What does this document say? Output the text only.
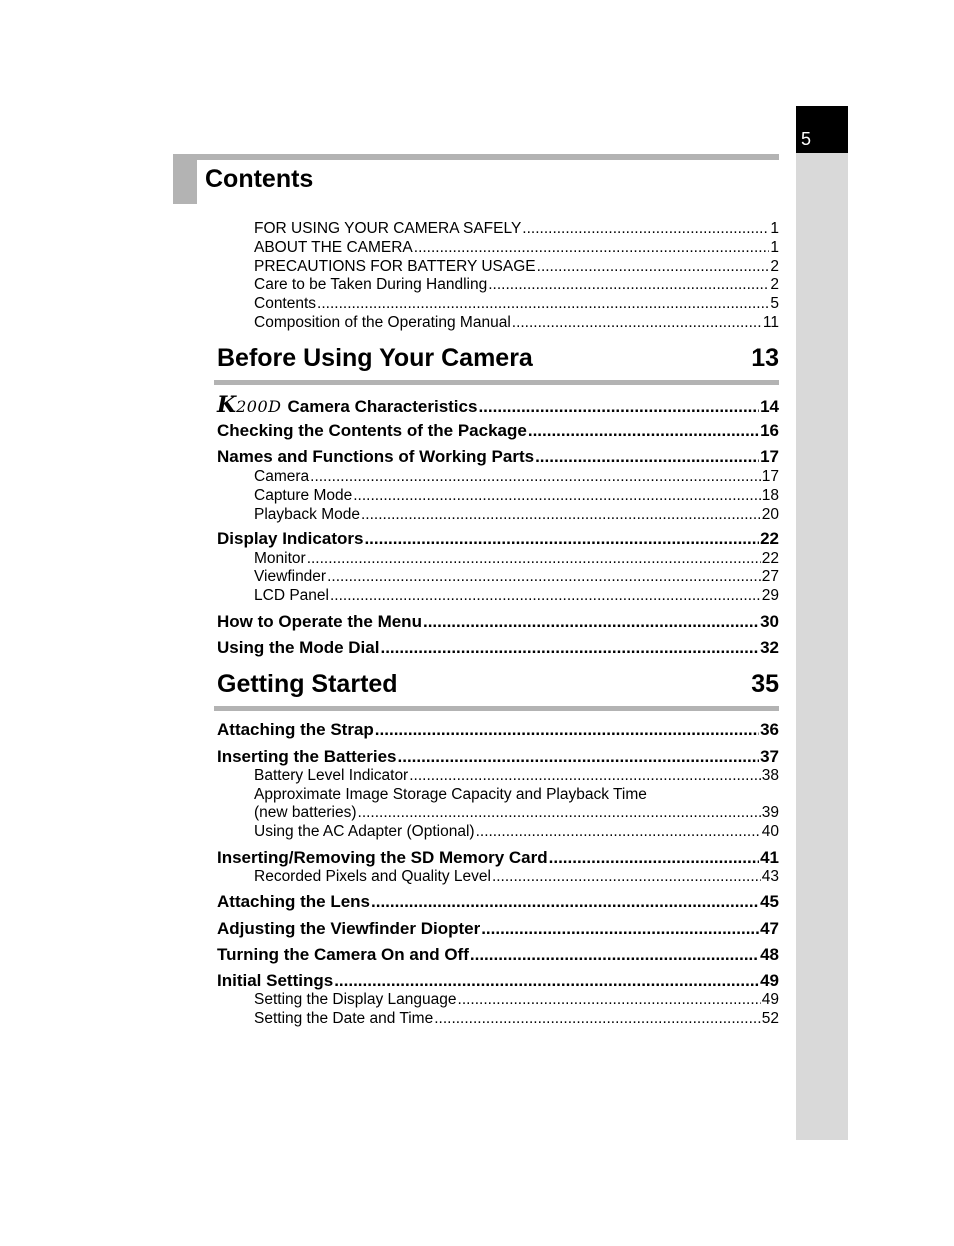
5
Contents
FOR USING YOUR CAMERA SAFELY .....	1
ABOUT THE CAMERA .....	1
PRECAUTIONS FOR BATTERY USAGE .....	2
Care to be Taken During Handling .....	2
Contents .....	5
Composition of the Operating Manual .....	11
Before Using Your Camera	13
K200D Camera Characteristics .....	14
Checking the Contents of the Package .....	16
Names and Functions of Working Parts .....	17
Camera .....	17
Capture Mode .....	18
Playback Mode .....	20
Display Indicators .....	22
Monitor .....	22
Viewfinder .....	27
LCD Panel .....	29
How to Operate the Menu .....	30
Using the Mode Dial .....	32
Getting Started	35
Attaching the Strap .....	36
Inserting the Batteries .....	37
Battery Level Indicator .....	38
Approximate Image Storage Capacity and Playback Time
(new batteries) .....	39
Using the AC Adapter (Optional) .....	40
Inserting/Removing the SD Memory Card .....	41
Recorded Pixels and Quality Level .....	43
Attaching the Lens .....	45
Adjusting the Viewfinder Diopter .....	47
Turning the Camera On and Off .....	48
Initial Settings .....	49
Setting the Display Language .....	49
Setting the Date and Time .....	52
